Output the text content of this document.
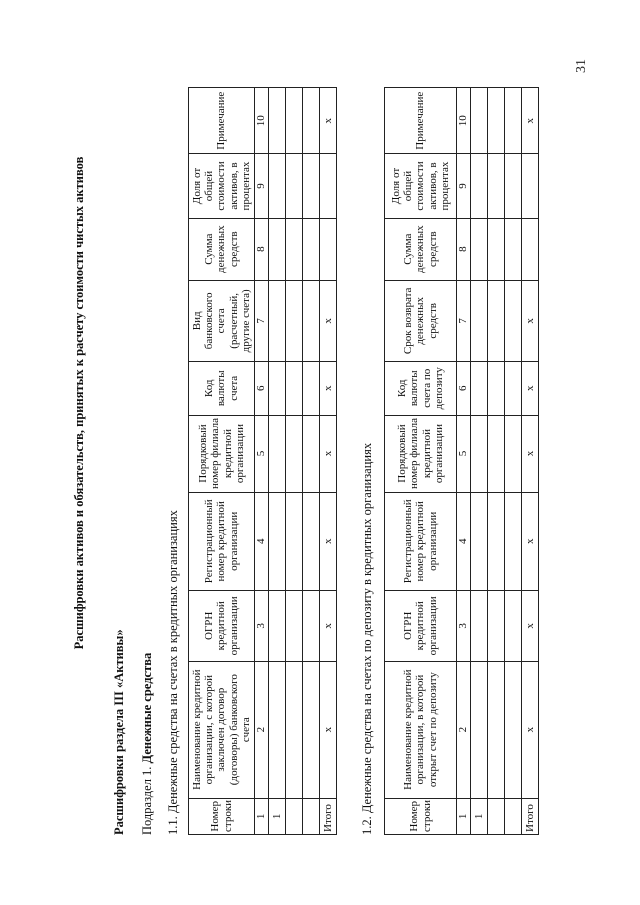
31
Расшифровки активов и обязательств, принятых к расчету стоимости чистых активов
Расшифровки раздела III «Активы» Подраздел 1. Денежные средства 1.1. Денежные средства на счетах в кредитных организациях	Номер строки	Наименование кредитной организации, с которой заключен договор (договоры) банковского счета	ОГРН кредитной организации	Регистрационный номер кредитной организации	Порядковый номер филиала кредитной организации	Код валюты счета	Вид банковского счета (расчетный, другие счета)	Сумма денежных средств	Доля от общей стоимости активов, в процентах	Примечание
1	2	3	4	5	6	7	8	9	10
1									

Итого	х	х	х	х	х	х			х
1.2. Денежные средства на счетах по депозиту в кредитных организациях	Номер строки	Наименование кредитной организации, в которой открыт счет по депозиту	ОГРН кредитной организации	Регистрационный номер кредитной организации	Порядковый номер филиала кредитной организации	Код валюты счета по депозиту	Срок возврата денежных средств	Сумма денежных средств	Доля от общей стоимости активов, в процентах	Примечание
1	2	3	4	5	6	7	8	9	10
1									

Итого	х	х	х	х	х	х			х
